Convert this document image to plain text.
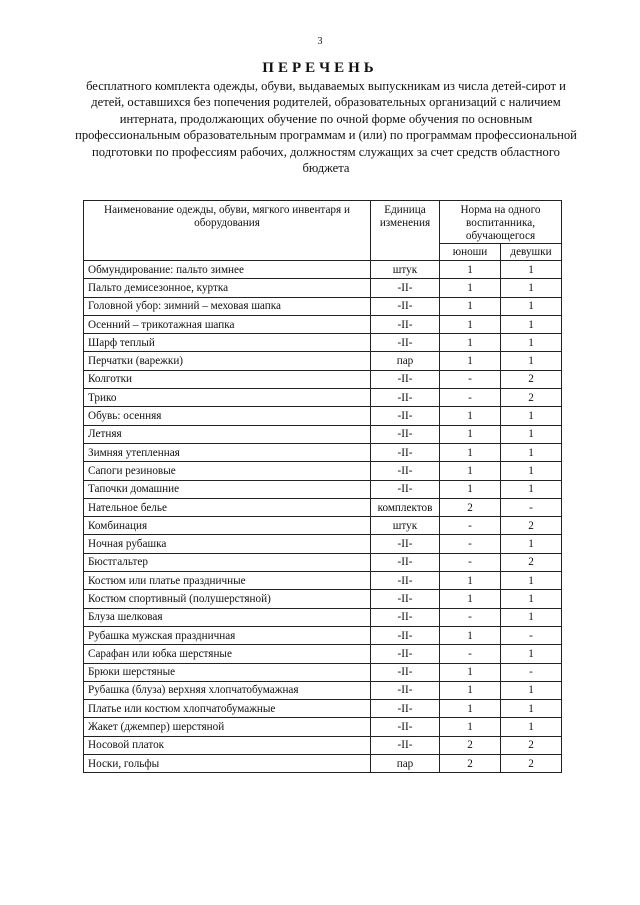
3
ПЕРЕЧЕНЬ
бесплатного комплекта одежды, обуви, выдаваемых выпускникам из числа детей-сирот и детей, оставшихся без попечения родителей, образовательных организаций с наличием интерната, продолжающих обучение по очной форме обучения по основным профессиональным образовательным программам и (или) по программам профессиональной подготовки по профессиям рабочих, должностям служащих за счет средств областного бюджета
Наименование одежды, обуви, мягкого инвентаря и оборудования	Единица изменения	Норма на одного воспитанника, обучающегося	
		юноши	девушки
Обмундирование: пальто зимнее	штук	1	1
Пальто демисезонное, куртка	-II-	1	1
Головной убор: зимний – меховая шапка	-II-	1	1
Осенний – трикотажная шапка	-II-	1	1
Шарф теплый	-II-	1	1
Перчатки (варежки)	пар	1	1
Колготки	-II-	-	2
Трико	-II-	-	2
Обувь: осенняя	-II-	1	1
Летняя	-II-	1	1
Зимняя утепленная	-II-	1	1
Сапоги резиновые	-II-	1	1
Тапочки домашние	-II-	1	1
Нательное белье	комплектов	2	-
Комбинация	штук	-	2
Ночная рубашка	-II-	-	1
Бюстгальтер	-II-	-	2
Костюм или платье праздничные	-II-	1	1
Костюм спортивный (полушерстяной)	-II-	1	1
Блуза шелковая	-II-	-	1
Рубашка мужская праздничная	-II-	1	-
Сарафан или юбка шерстяные	-II-	-	1
Брюки шерстяные	-II-	1	-
Рубашка (блуза) верхняя хлопчатобумажная	-II-	1	1
Платье или костюм хлопчатобумажные	-II-	1	1
Жакет (джемпер) шерстяной	-II-	1	1
Носовой платок	-II-	2	2
Носки, гольфы	пар	2	2
